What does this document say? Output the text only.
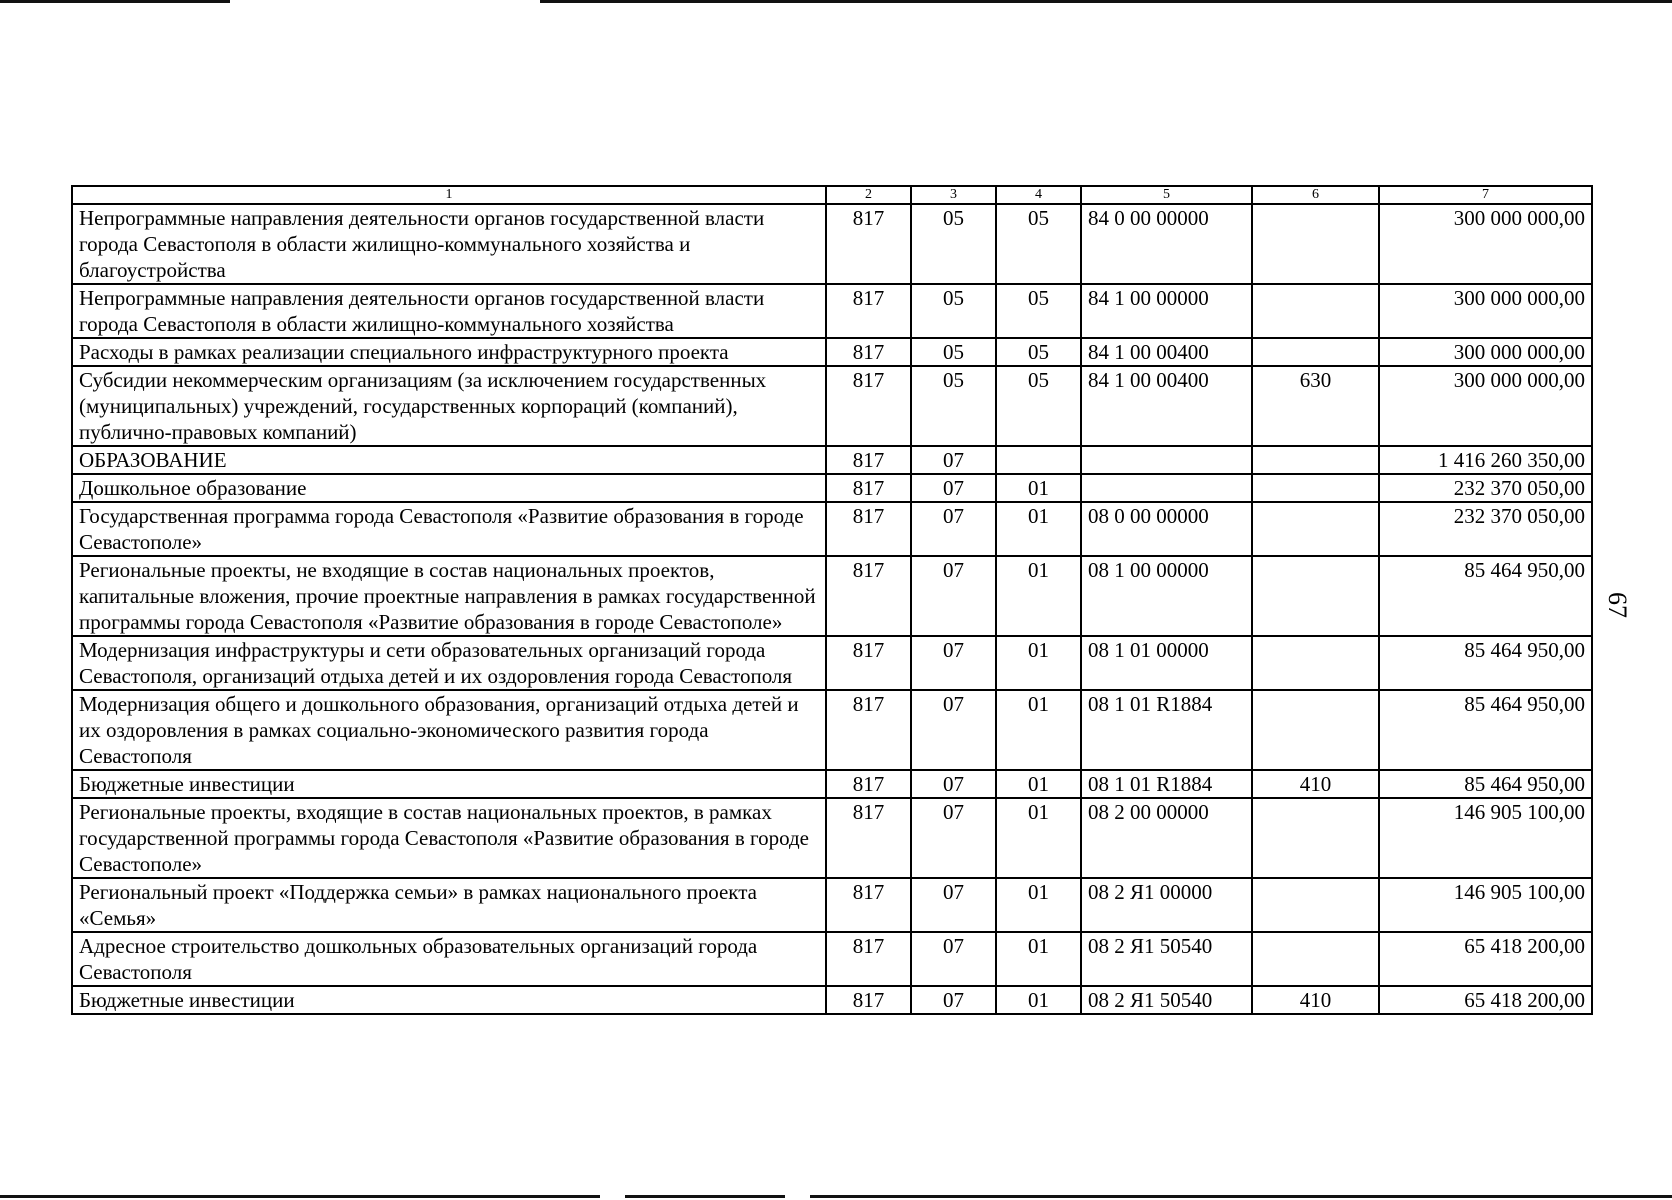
67
1	2	3	4	5	6	7
Непрограммные направления деятельности органов государственной власти города Севастополя в области жилищно-коммунального хозяйства и благоустройства	817	05	05	84 0 00 00000		300 000 000,00
Непрограммные направления деятельности органов государственной власти города Севастополя в области жилищно-коммунального хозяйства	817	05	05	84 1 00 00000		300 000 000,00
Расходы в рамках реализации специального инфраструктурного проекта	817	05	05	84 1 00 00400		300 000 000,00
Субсидии некоммерческим организациям (за исключением государственных (муниципальных) учреждений, государственных корпораций (компаний), публично-правовых компаний)	817	05	05	84 1 00 00400	630	300 000 000,00
ОБРАЗОВАНИЕ	817	07				1 416 260 350,00
Дошкольное образование	817	07	01			232 370 050,00
Государственная программа города Севастополя «Развитие образования в городе Севастополе»	817	07	01	08 0 00 00000		232 370 050,00
Региональные проекты, не входящие в состав национальных проектов, капитальные вложения, прочие проектные направления в рамках государственной программы города Севастополя «Развитие образования в городе Севастополе»	817	07	01	08 1 00 00000		85 464 950,00
Модернизация инфраструктуры и сети образовательных организаций города Севастополя, организаций отдыха детей и их оздоровления города Севастополя	817	07	01	08 1 01 00000		85 464 950,00
Модернизация общего и дошкольного образования, организаций отдыха детей и их оздоровления в рамках социально-экономического развития города Севастополя	817	07	01	08 1 01 R1884		85 464 950,00
Бюджетные инвестиции	817	07	01	08 1 01 R1884	410	85 464 950,00
Региональные проекты, входящие в состав национальных проектов, в рамках государственной программы города Севастополя «Развитие образования в городе Севастополе»	817	07	01	08 2 00 00000		146 905 100,00
Региональный проект «Поддержка семьи» в рамках национального проекта «Семья»	817	07	01	08 2 Я1 00000		146 905 100,00
Адресное строительство дошкольных образовательных организаций города Севастополя	817	07	01	08 2 Я1 50540		65 418 200,00
Бюджетные инвестиции	817	07	01	08 2 Я1 50540	410	65 418 200,00
